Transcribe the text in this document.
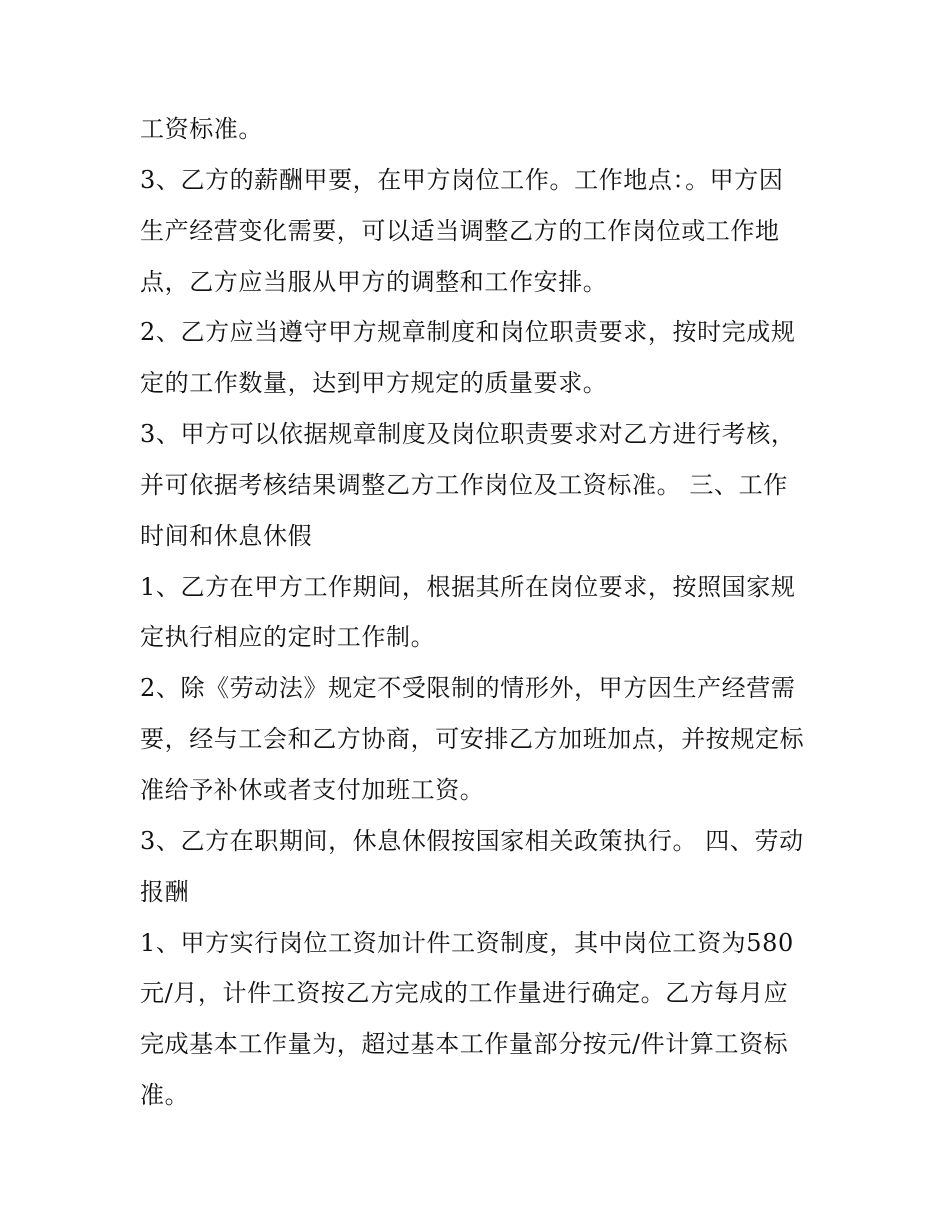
工资标准。
3、乙方的薪酬甲要，在甲方岗位工作。工作地点：。甲方因
生产经营变化需要，可以适当调整乙方的工作岗位或工作地
点，乙方应当服从甲方的调整和工作安排。
2、乙方应当遵守甲方规章制度和岗位职责要求，按时完成规
定的工作数量，达到甲方规定的质量要求。
3、甲方可以依据规章制度及岗位职责要求对乙方进行考核，
并可依据考核结果调整乙方工作岗位及工资标准。 三、工作
时间和休息休假
1、乙方在甲方工作期间，根据其所在岗位要求，按照国家规
定执行相应的定时工作制。
2、除《劳动法》规定不受限制的情形外，甲方因生产经营需
要，经与工会和乙方协商，可安排乙方加班加点，并按规定标
准给予补休或者支付加班工资。
3、乙方在职期间，休息休假按国家相关政策执行。 四、劳动
报酬
1、甲方实行岗位工资加计件工资制度，其中岗位工资为580
元/月，计件工资按乙方完成的工作量进行确定。乙方每月应
完成基本工作量为，超过基本工作量部分按元/件计算工资标
准。
